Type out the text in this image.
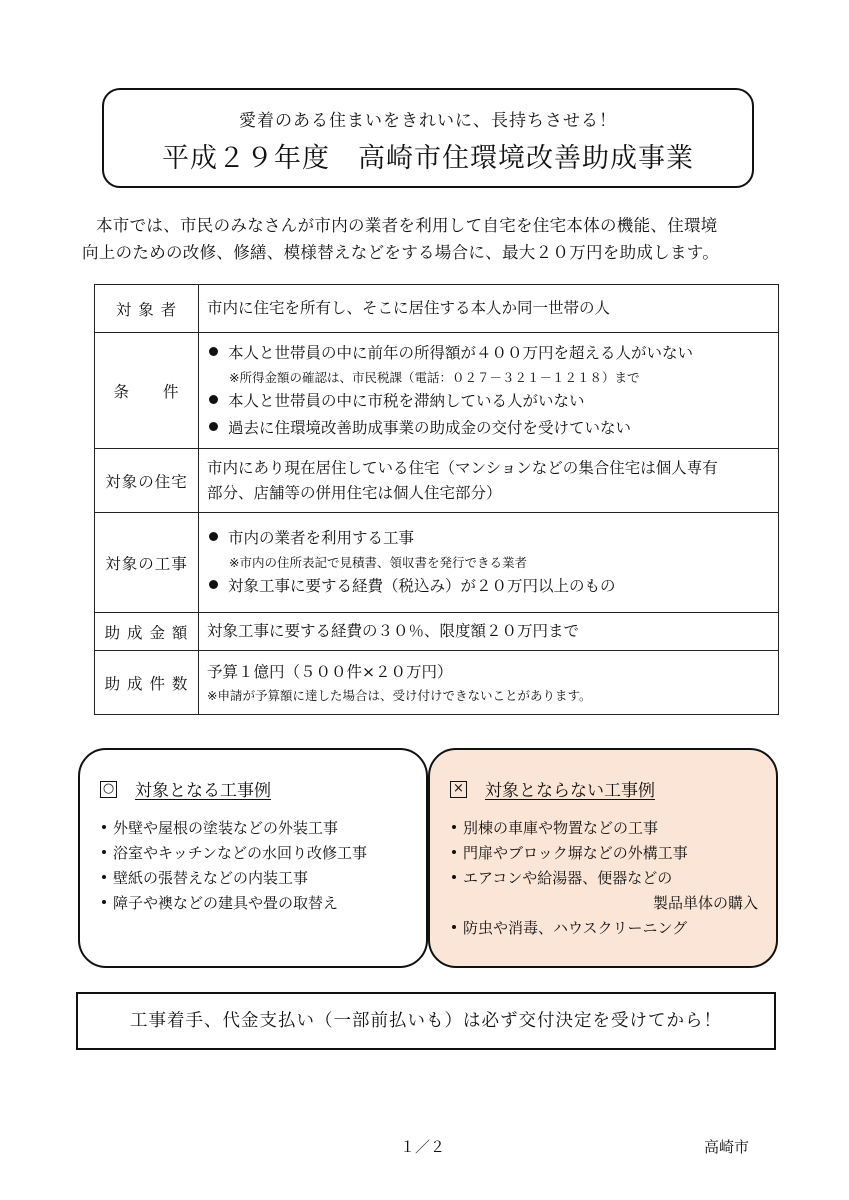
愛着のある住まいをきれいに、長持ちさせる！
平成２９年度　高崎市住環境改善助成事業

本市では、市民のみなさんが市内の業者を利用して自宅を住宅本体の機能、住環境

向上のための改修、修繕、模様替えなどをする場合に、最大２０万円を助成します。

対 象 者	市内に住宅を所有し、そこに居住する本人か同一世帯の人
条　　件	本人と世帯員の中に前年の所得額が４００万円を超える人がいない
※所得金額の確認は、市民税課（電話：０２７－３２１－１２１８）まで
本人と世帯員の中に市税を滞納している人がいない
過去に住環境改善助成事業の助成金の交付を受けていない

対象の住宅	市内にあり現在居住している住宅（マンションなどの集合住宅は個人専有
部分、店舗等の併用住宅は個人住宅部分）

対象の工事	市内の業者を利用する工事
※市内の住所表記で見積書、領収書を発行できる業者
対象工事に要する経費（税込み）が２０万円以上のもの

助 成 金 額	対象工事に要する経費の３０％、限度額２０万円まで
助 成 件 数	予算１億円（５００件×２０万円）
※申請が予算額に達した場合は、受け付けできないことがあります。
○ 対象となる工事例
外壁や屋根の塗装などの外装工事
浴室やキッチンなどの水回り改修工事
壁紙の張替えなどの内装工事
障子や襖などの建具や畳の取替え
× 対象とならない工事例
別棟の車庫や物置などの工事
門扉やブロック塀などの外構工事
エアコンや給湯器、便器などの
製品単体の購入
防虫や消毒、ハウスクリーニング
工事着手、代金支払い（一部前払いも）は必ず交付決定を受けてから！
１／２	高崎市
